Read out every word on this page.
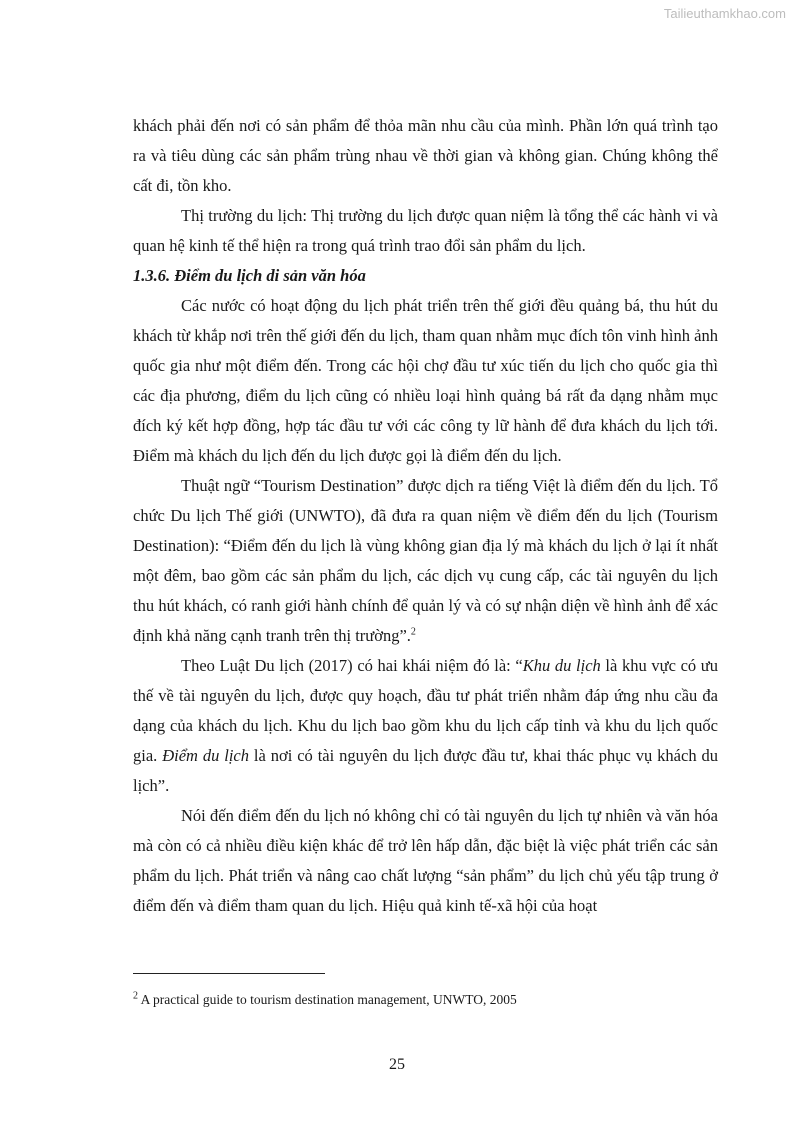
Tailieuthamkhao.com

khách phải đến nơi có sản phẩm để thỏa mãn nhu cầu của mình. Phần lớn quá trình tạo ra và tiêu dùng các sản phẩm trùng nhau về thời gian và không gian. Chúng không thể cất đi, tồn kho.

Thị trường du lịch: Thị trường du lịch được quan niệm là tổng thể các hành vi và quan hệ kinh tế thể hiện ra trong quá trình trao đổi sản phẩm du lịch.

1.3.6. Điểm du lịch di sản văn hóa

Các nước có hoạt động du lịch phát triển trên thế giới đều quảng bá, thu hút du khách từ khắp nơi trên thế giới đến du lịch, tham quan nhằm mục đích tôn vinh hình ảnh quốc gia như một điểm đến. Trong các hội chợ đầu tư xúc tiến du lịch cho quốc gia thì các địa phương, điểm du lịch cũng có nhiều loại hình quảng bá rất đa dạng nhằm mục đích ký kết hợp đồng, hợp tác đầu tư với các công ty lữ hành để đưa khách du lịch tới. Điểm mà khách du lịch đến du lịch được gọi là điểm đến du lịch.

Thuật ngữ “Tourism Destination” được dịch ra tiếng Việt là điểm đến du lịch. Tổ chức Du lịch Thế giới (UNWTO), đã đưa ra quan niệm về điểm đến du lịch (Tourism Destination): “Điểm đến du lịch là vùng không gian địa lý mà khách du lịch ở lại ít nhất một đêm, bao gồm các sản phẩm du lịch, các dịch vụ cung cấp, các tài nguyên du lịch thu hút khách, có ranh giới hành chính để quản lý và có sự nhận diện về hình ảnh để xác định khả năng cạnh tranh trên thị trường”.$^2$

Theo Luật Du lịch (2017) có hai khái niệm đó là: “Khu du lịch là khu vực có ưu thế về tài nguyên du lịch, được quy hoạch, đầu tư phát triển nhằm đáp ứng nhu cầu đa dạng của khách du lịch. Khu du lịch bao gồm khu du lịch cấp tỉnh và khu du lịch quốc gia. Điểm du lịch là nơi có tài nguyên du lịch được đầu tư, khai thác phục vụ khách du lịch”.

Nói đến điểm đến du lịch nó không chỉ có tài nguyên du lịch tự nhiên và văn hóa mà còn có cả nhiều điều kiện khác để trở lên hấp dẫn, đặc biệt là việc phát triển các sản phẩm du lịch. Phát triển và nâng cao chất lượng “sản phẩm” du lịch chủ yếu tập trung ở điểm đến và điểm tham quan du lịch. Hiệu quả kinh tế-xã hội của hoạt

$^2$ A practical guide to tourism destination management, UNWTO, 2005
25
